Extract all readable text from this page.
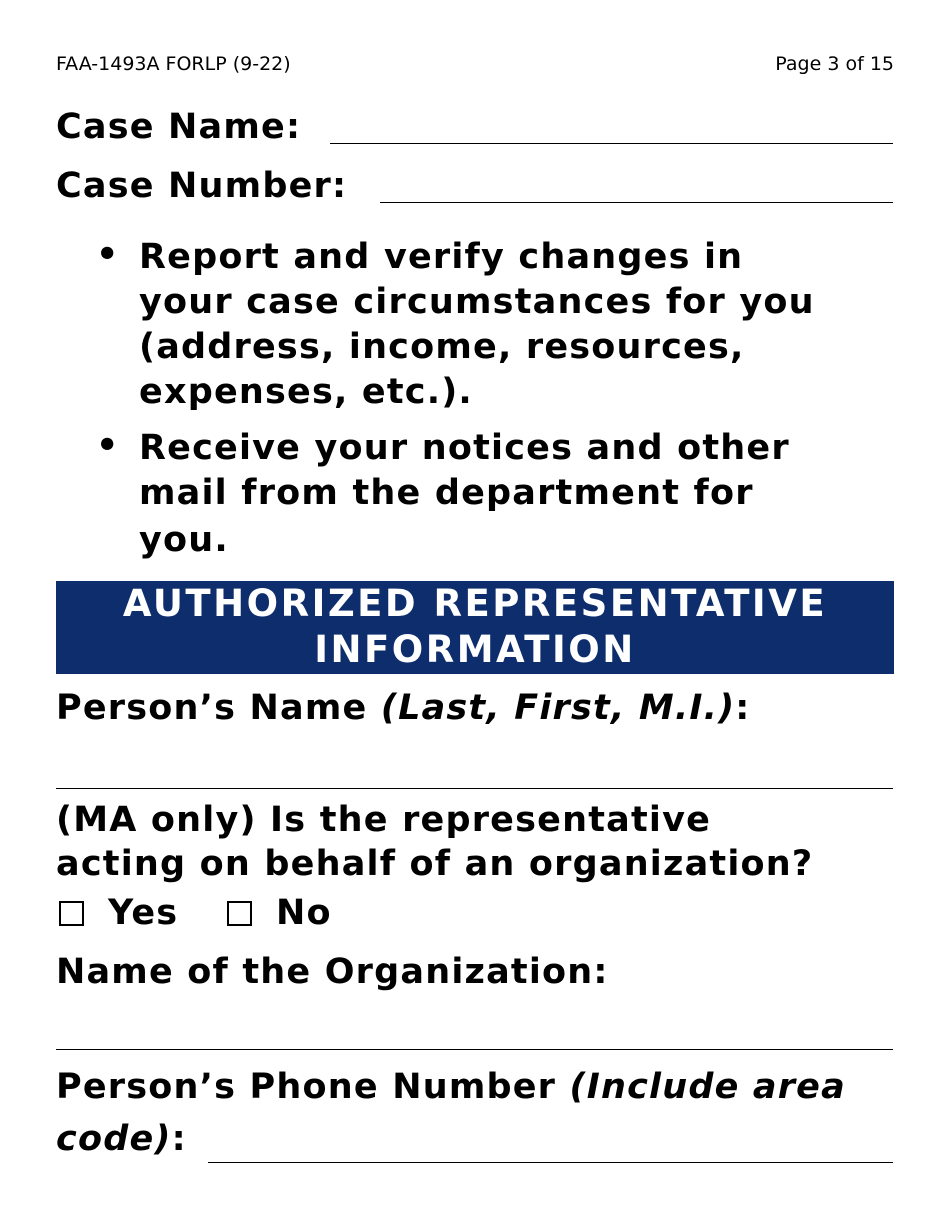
FAA-1493A FORLP (9-22)	Page 3 of 15
Case Name:
Case Number:
• Report and verify changes in
your case circumstances for you
(address, income, resources,
expenses, etc.).
• Receive your notices and other
mail from the department for
you.
AUTHORIZED REPRESENTATIVE
INFORMATION
Person’s Name (Last, First, M.I.):
(MA only) Is the representative
acting on behalf of an organization?
Yes	No
Name of the Organization:
Person’s Phone Number (Include area
code):
